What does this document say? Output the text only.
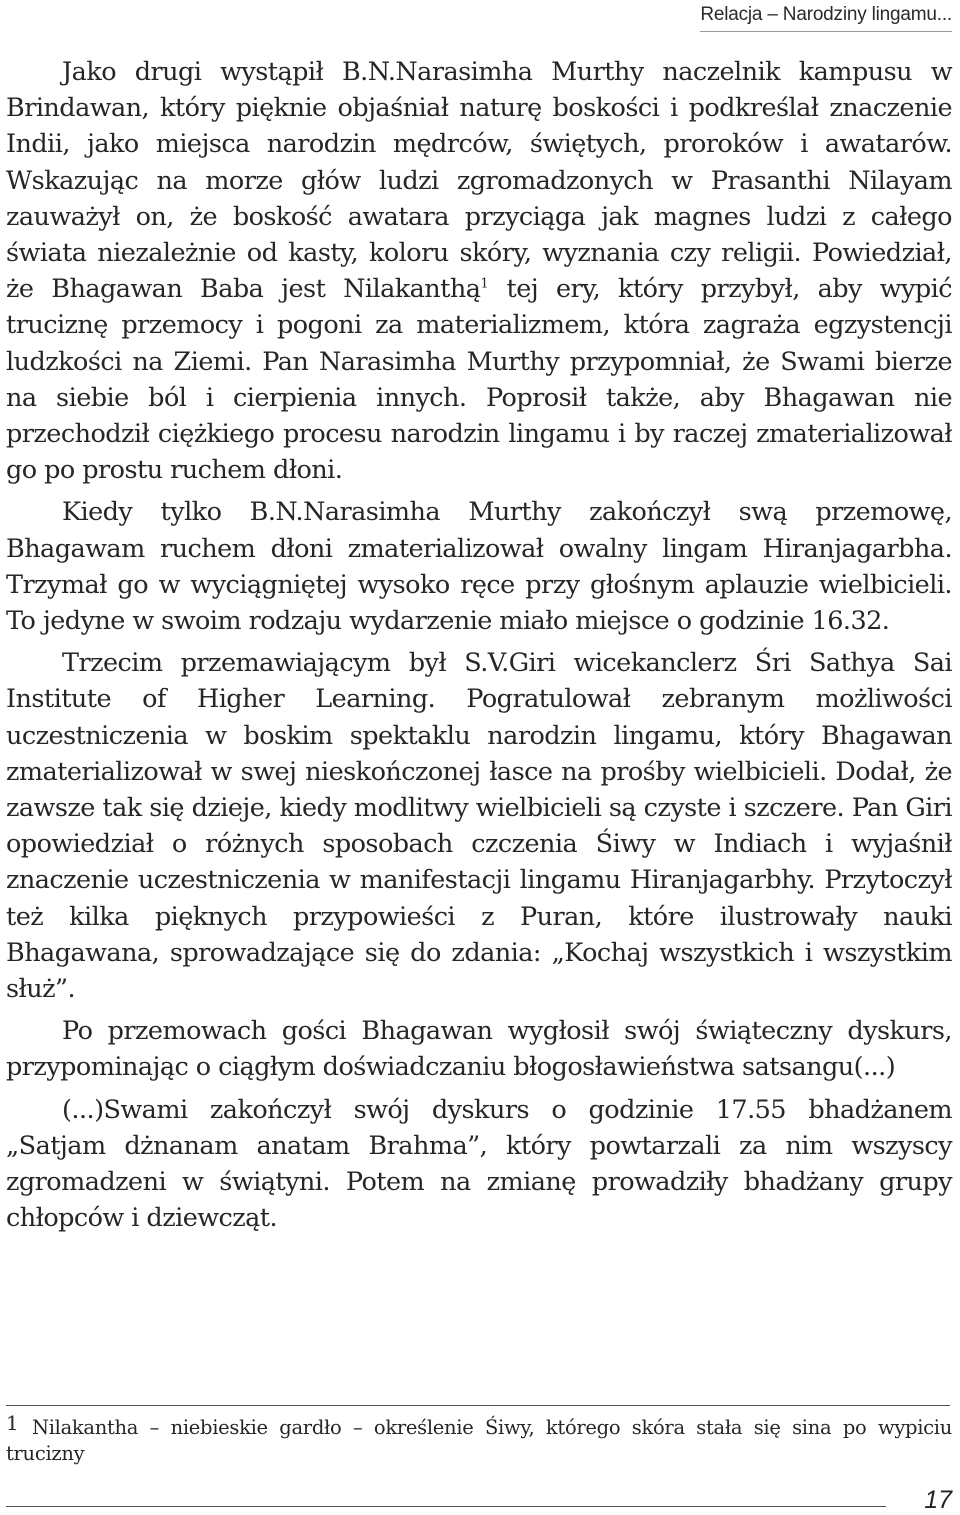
Relacja – Narodziny lingamu...

Jako drugi wystąpił B.N.Narasimha Murthy naczelnik kampusu w Brindawan, który pięknie objaśniał naturę boskości i podkreślał znaczenie Indii, jako miejsca narodzin mędrców, świętych, proroków i awatarów. Wskazując na morze głów ludzi zgromadzonych w Prasanthi Nilayam zauważył on, że boskość awatara przyciąga jak magnes ludzi z całego świata niezależnie od kasty, koloru skóry, wyznania czy religii. Powiedział, że Bhagawan Baba jest Nilakanthą$^1$ tej ery, który przybył, aby wypić truciznę przemocy i pogoni za materializmem, która zagraża egzystencji ludzkości na Ziemi. Pan Narasimha Murthy przypomniał, że Swami bierze na siebie ból i cierpienia innych. Poprosił także, aby Bhagawan nie przechodził ciężkiego procesu narodzin lingamu i by raczej zmaterializował go po prostu ruchem dłoni.

Kiedy tylko B.N.Narasimha Murthy zakończył swą przemowę, Bhagawam ruchem dłoni zmaterializował owalny lingam Hiranjagarbha. Trzymał go w wyciągniętej wysoko ręce przy głośnym aplauzie wielbicieli. To jedyne w swoim rodzaju wydarzenie miało miejsce o godzinie 16.32.

Trzecim przemawiającym był S.V.Giri wicekanclerz Śri Sathya Sai Institute of Higher Learning. Pogratulował zebranym możliwości uczestniczenia w boskim spektaklu narodzin lingamu, który Bhagawan zmaterializował w swej nieskończonej łasce na prośby wielbicieli. Dodał, że zawsze tak się dzieje, kiedy modlitwy wielbicieli są czyste i szczere. Pan Giri opowiedział o różnych sposobach czczenia Śiwy w Indiach i wyjaśnił znaczenie uczestniczenia w manifestacji lingamu Hiranjagarbhy. Przytoczył też kilka pięknych przypowieści z Puran, które ilustrowały nauki Bhagawana, sprowadzające się do zdania: „Kochaj wszystkich i wszystkim służ”.

Po przemowach gości Bhagawan wygłosił swój świąteczny dyskurs, przypominając o ciągłym doświadczaniu błogosławieństwa satsangu(...)

(...)Swami zakończył swój dyskurs o godzinie 17.55 bhadżanem „Satjam dżnanam anatam Brahma”, który powtarzali za nim wszyscy zgromadzeni w świątyni. Potem na zmianę prowadziły bhadżany grupy chłopców i dziewcząt.

1 Nilakantha – niebieskie gardło – określenie Śiwy, którego skóra stała się sina po wypiciu trucizny
17
